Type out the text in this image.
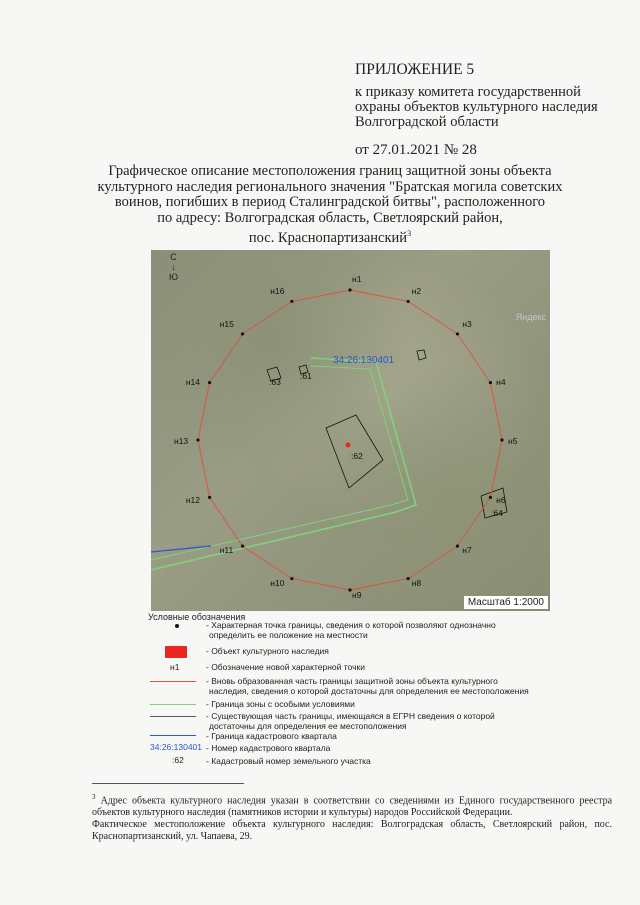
ПРИЛОЖЕНИЕ 5
к приказу комитета государственной
охраны объектов культурного наследия
Волгоградской области
от 27.01.2021 № 28
Графическое описание местоположения границ защитной зоны объекта
культурного наследия регионального значения "Братская могила советских
воинов, погибших в период Сталинградской битвы", расположенного
по адресу: Волгоградская область, Светлоярский район,
пос. Краснопартизанский$^3$
С
↓
Ю
Яндекс
34:26:130401
:62
:64
:63
:61
н1
н2
н3
н4
н5
н6
н7
н8
н9
н10
н11
н12
н13
н14
н15
н16
Масштаб 1:2000
Условные обозначения
н1
34:26:130401
:62
- Характерная точка границы, сведения о которой позволяют однозначно
определить ее положение на местности
- Объект культурного наследия
- Обозначение новой характерной точки
- Вновь образованная часть границы защитной зоны объекта культурного
наследия, сведения о которой достаточны для определения ее местоположения
- Граница зоны с особыми условиями
- Существующая часть границы, имеющаяся в ЕГРН сведения о которой
достаточны для определения ее местоположения
- Граница кадастрового квартала
- Номер кадастрового квартала
- Кадастровый номер земельного участка
$^3$ Адрес объекта культурного наследия указан в соответствии со сведениями из Единого государственного реестра объектов культурного наследия (памятников истории и культуры) народов Российской Федерации.
Фактическое местоположение объекта культурного наследия: Волгоградская область, Светлоярский район, пос. Краснопартизанский, ул. Чапаева, 29.
